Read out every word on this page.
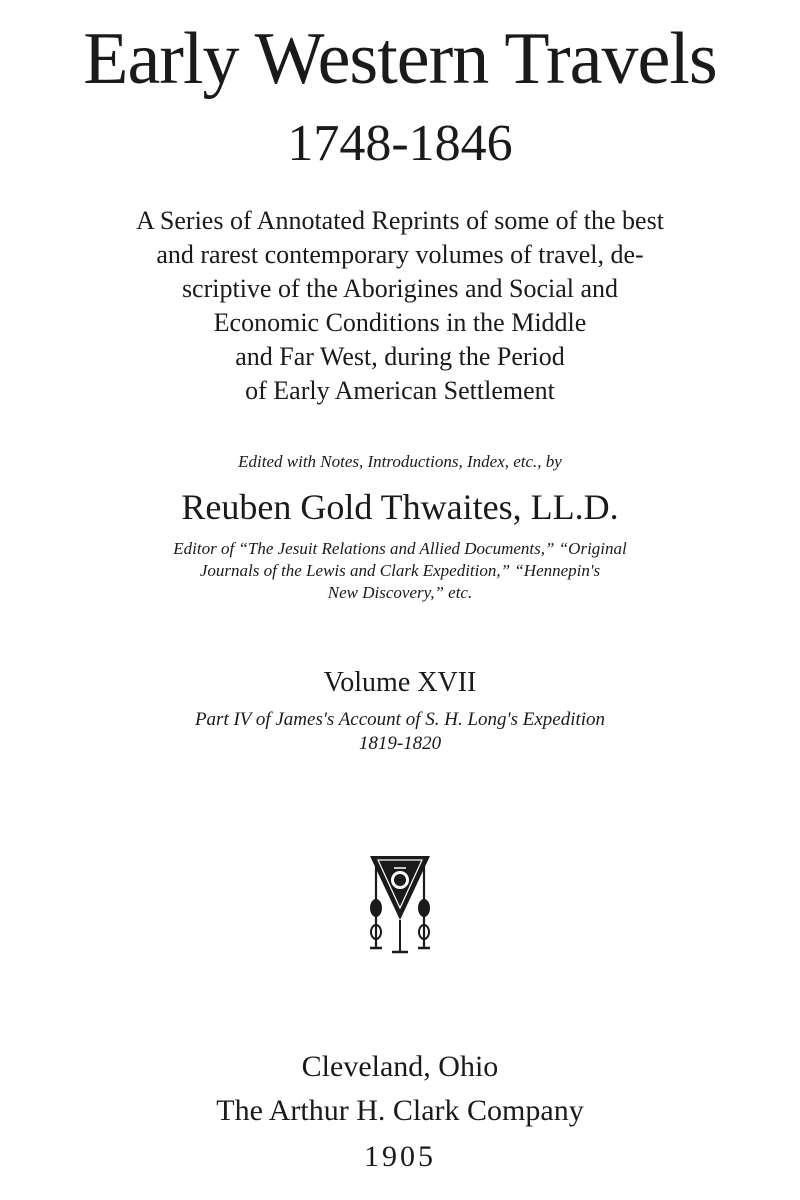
Early Western Travels
1748-1846
A Series of Annotated Reprints of some of the best
and rarest contemporary volumes of travel, de-
scriptive of the Aborigines and Social and
Economic Conditions in the Middle
and Far West, during the Period
of Early American Settlement
Edited with Notes, Introductions, Index, etc., by
Reuben Gold Thwaites, LL.D.
Editor of “The Jesuit Relations and Allied Documents,” “Original
Journals of the Lewis and Clark Expedition,” “Hennepin's
New Discovery,” etc.
Volume XVII
Part IV of James's Account of S. H. Long's Expedition
1819-1820
Cleveland, Ohio
The Arthur H. Clark Company
1905
